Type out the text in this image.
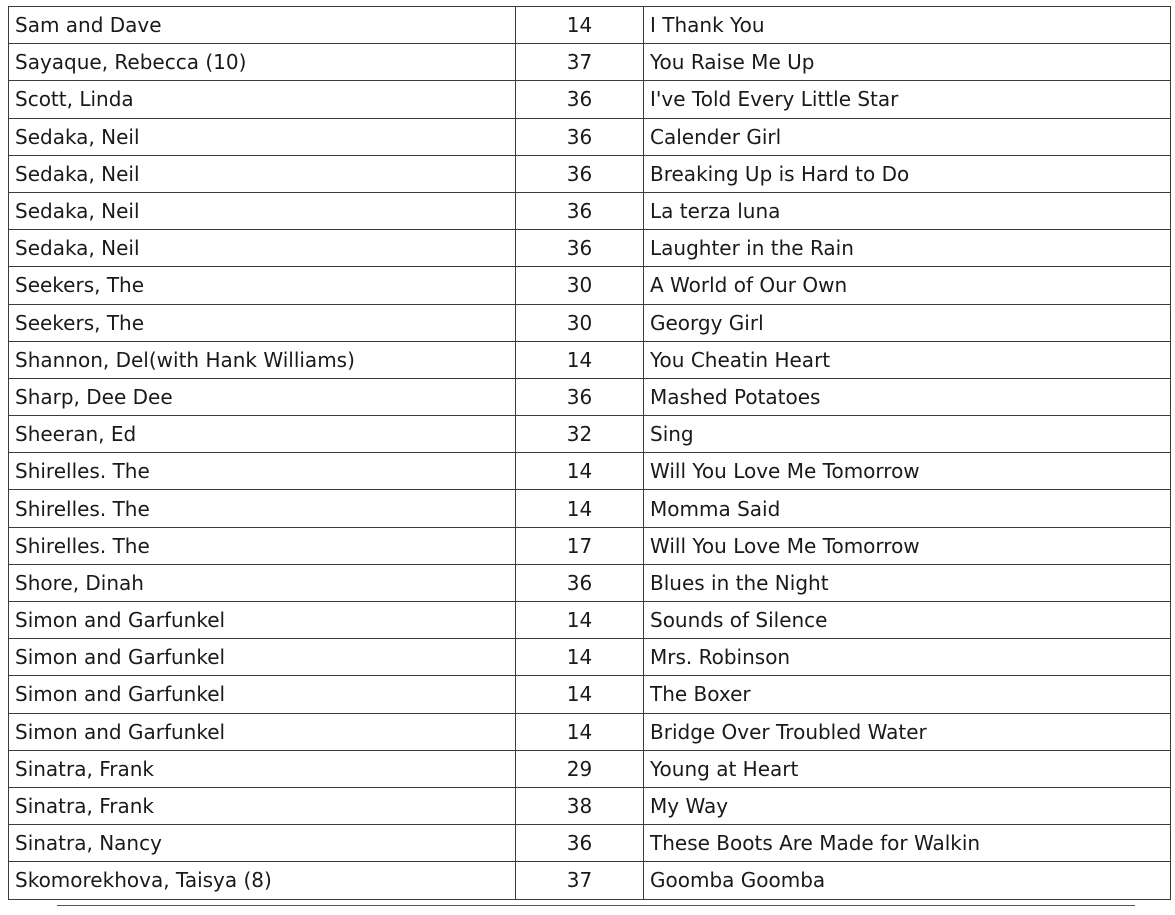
Sam and Dave	14	I Thank You
Sayaque, Rebecca (10)	37	You Raise Me Up
Scott, Linda	36	I've Told Every Little Star
Sedaka, Neil	36	Calender Girl
Sedaka, Neil	36	Breaking Up is Hard to Do
Sedaka, Neil	36	La terza luna
Sedaka, Neil	36	Laughter in the Rain
Seekers, The	30	A World of Our Own
Seekers, The	30	Georgy Girl
Shannon, Del(with Hank Williams)	14	You Cheatin Heart
Sharp, Dee Dee	36	Mashed Potatoes
Sheeran, Ed	32	Sing
Shirelles. The	14	Will You Love Me Tomorrow
Shirelles. The	14	Momma Said
Shirelles. The	17	Will You Love Me Tomorrow
Shore, Dinah	36	Blues in the Night
Simon and Garfunkel	14	Sounds of Silence
Simon and Garfunkel	14	Mrs. Robinson
Simon and Garfunkel	14	The Boxer
Simon and Garfunkel	14	Bridge Over Troubled Water
Sinatra, Frank	29	Young at Heart
Sinatra, Frank	38	My Way
Sinatra, Nancy	36	These Boots Are Made for Walkin
Skomorekhova, Taisya (8)	37	Goomba Goomba
